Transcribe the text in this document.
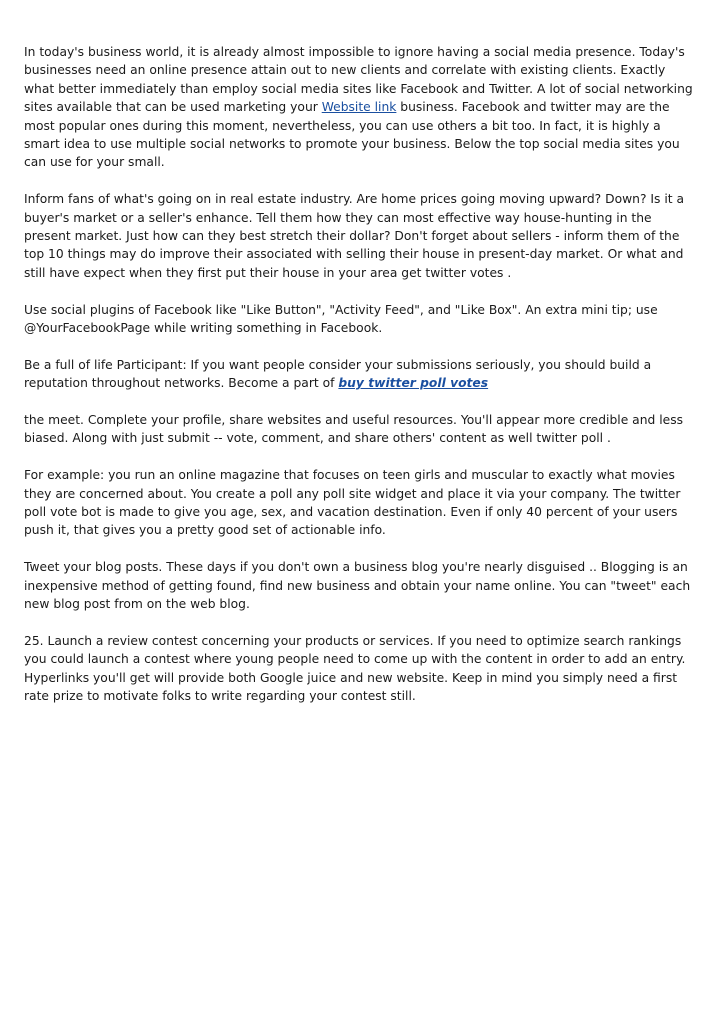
In today's business world, it is already almost impossible to ignore having a social media presence. Today's businesses need an online presence attain out to new clients and correlate with existing clients. Exactly what better immediately than employ social media sites like Facebook and Twitter. A lot of social networking sites available that can be used marketing your Website link business. Facebook and twitter may are the most popular ones during this moment, nevertheless, you can use others a bit too. In fact, it is highly a smart idea to use multiple social networks to promote your business. Below the top social media sites you can use for your small.

Inform fans of what's going on in real estate industry. Are home prices going moving upward? Down? Is it a buyer's market or a seller's enhance. Tell them how they can most effective way house-hunting in the present market. Just how can they best stretch their dollar? Don't forget about sellers - inform them of the top 10 things may do improve their associated with selling their house in present-day market. Or what and still have expect when they first put their house in your area get twitter votes .

Use social plugins of Facebook like "Like Button", "Activity Feed", and "Like Box". An extra mini tip; use @YourFacebookPage while writing something in Facebook.

Be a full of life Participant: If you want people consider your submissions seriously, you should build a reputation throughout networks. Become a part of buy twitter poll votes

the meet. Complete your profile, share websites and useful resources. You'll appear more credible and less biased. Along with just submit -- vote, comment, and share others' content as well twitter poll .

For example: you run an online magazine that focuses on teen girls and muscular to exactly what movies they are concerned about. You create a poll any poll site widget and place it via your company. The twitter poll vote bot is made to give you age, sex, and vacation destination. Even if only 40 percent of your users push it, that gives you a pretty good set of actionable info.

Tweet your blog posts. These days if you don't own a business blog you're nearly disguised .. Blogging is an inexpensive method of getting found, find new business and obtain your name online. You can "tweet" each new blog post from on the web blog.

25. Launch a review contest concerning your products or services. If you need to optimize search rankings you could launch a contest where young people need to come up with the content in order to add an entry. Hyperlinks you'll get will provide both Google juice and new website. Keep in mind you simply need a first rate prize to motivate folks to write regarding your contest still.
